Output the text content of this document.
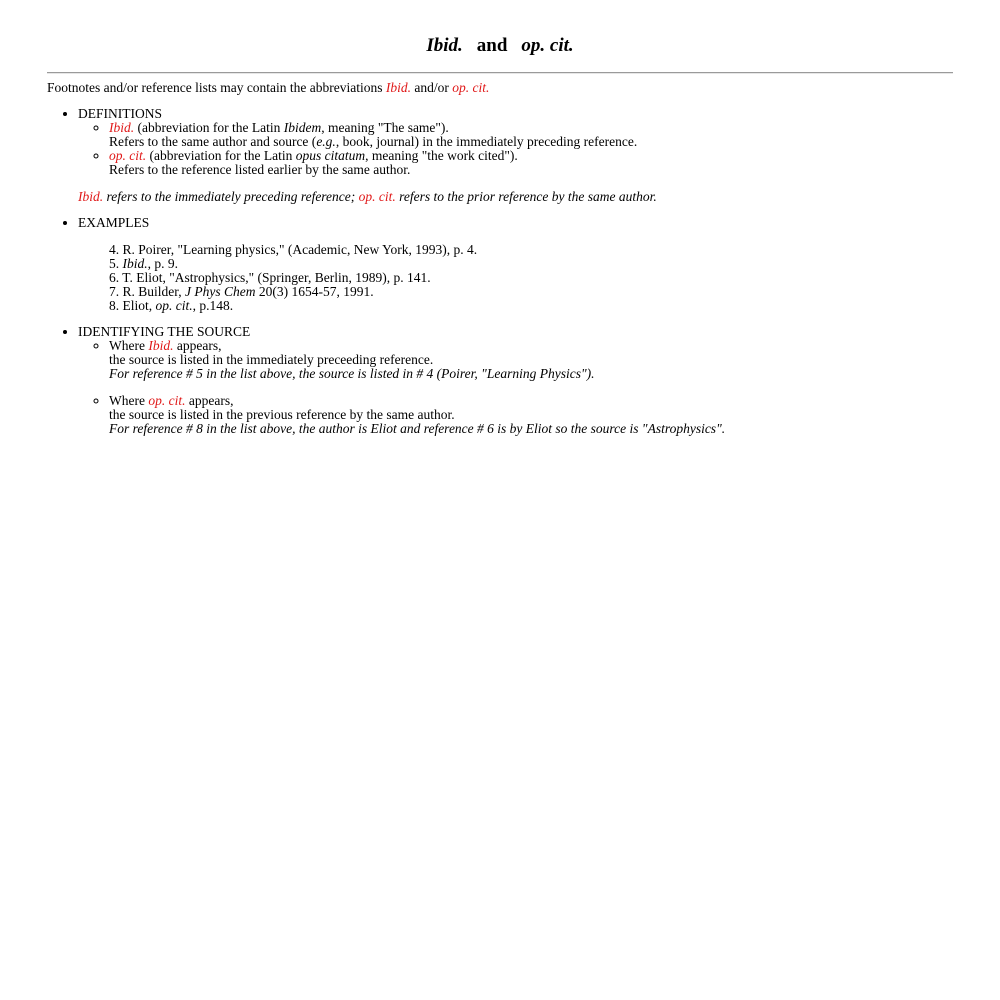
Ibid. and op. cit.

Footnotes and/or reference lists may contain the abbreviations Ibid. and/or op. cit.

• DEFINITIONS
◦ Ibid. (abbreviation for the Latin Ibidem, meaning "The same").
Refers to the same author and source (e.g., book, journal) in the immediately preceding reference.
◦ op. cit. (abbreviation for the Latin opus citatum, meaning "the work cited").
Refers to the reference listed earlier by the same author.
Ibid. refers to the immediately preceding reference; op. cit. refers to the prior reference by the same author.
• EXAMPLES
4. R. Poirer, "Learning physics," (Academic, New York, 1993), p. 4.
5. Ibid., p. 9.
6. T. Eliot, "Astrophysics," (Springer, Berlin, 1989), p. 141.
7. R. Builder, J Phys Chem 20(3) 1654-57, 1991.
8. Eliot, op. cit., p.148.
• IDENTIFYING THE SOURCE
◦ Where Ibid. appears,
the source is listed in the immediately preceeding reference.
For reference # 5 in the list above, the source is listed in # 4 (Poirer, "Learning Physics").
◦ Where op. cit. appears,
the source is listed in the previous reference by the same author.
For reference # 8 in the list above, the author is Eliot and reference # 6 is by Eliot so the source is "Astrophysics".
